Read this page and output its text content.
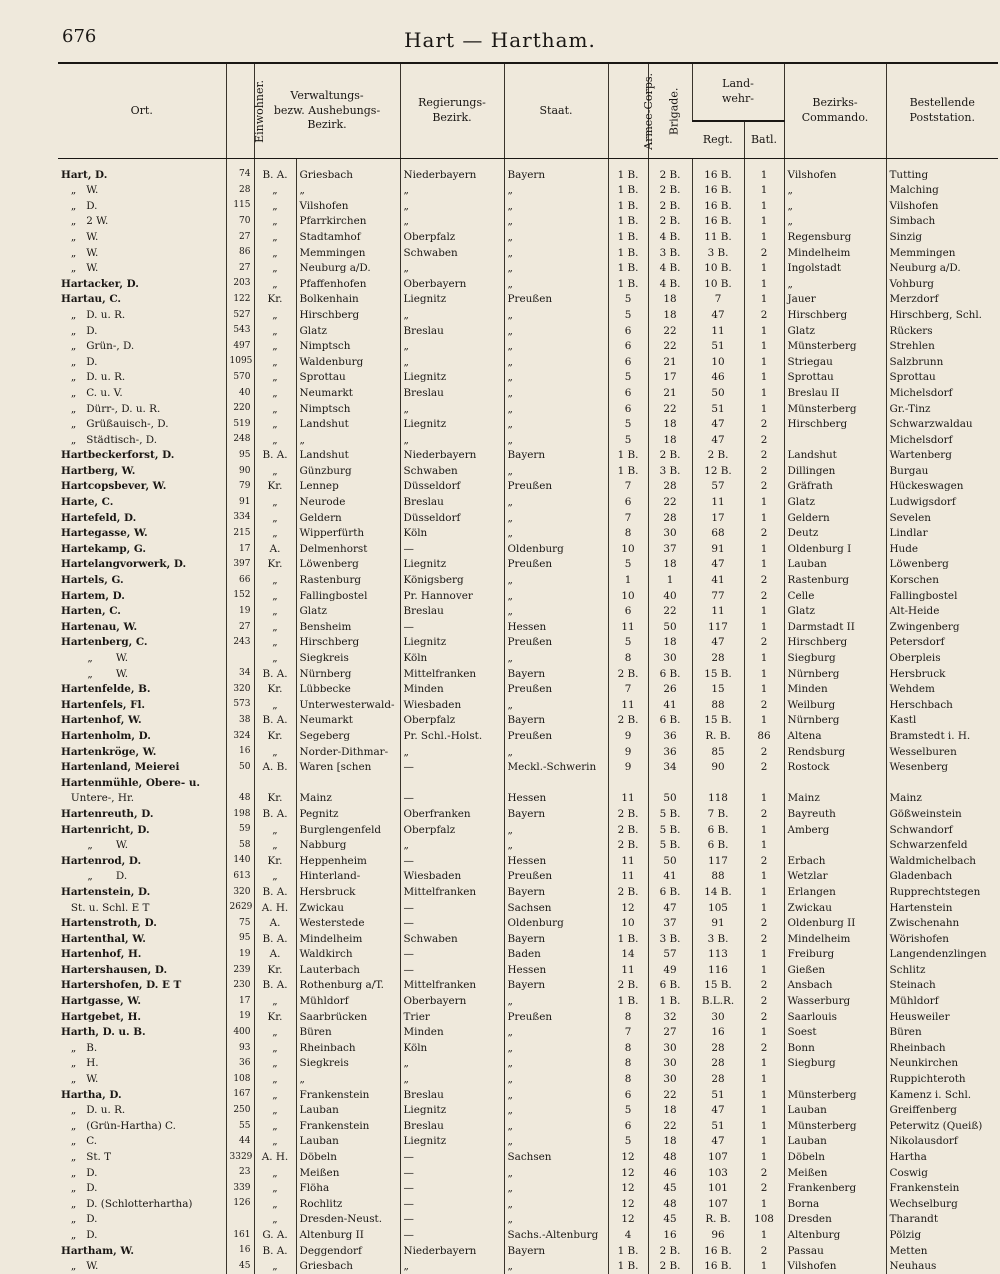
676	Hart — Hartham.
Ort.	Einwohner.	Verwaltungs-
bezw. Aushebungs-
Bezirk.		Regierungs-
Bezirk.	Staat.	Armee-Corps.	Brigade.	Land-
wehr-		Bezirks-
Commando.	Bestellende
Poststation.
								Regt.	Batl.		
Hart, D.	74	B. A.	Griesbach	Niederbayern	Bayern	1 B.	2 B.	16 B.	1	Vilshofen	Tutting
„   W.	28	„	„	„	„	1 B.	2 B.	16 B.	1	„	Malching
„   D.	115	„	Vilshofen	„	„	1 B.	2 B.	16 B.	1	„	Vilshofen
„   2 W.	70	„	Pfarrkirchen	„	„	1 B.	2 B.	16 B.	1	„	Simbach
„   W.	27	„	Stadtamhof	Oberpfalz	„	1 B.	4 B.	11 B.	1	Regensburg	Sinzig
„   W.	86	„	Memmingen	Schwaben	„	1 B.	3 B.	3 B.	2	Mindelheim	Memmingen
„   W.	27	„	Neuburg a/D.	„	„	1 B.	4 B.	10 B.	1	Ingolstadt	Neuburg a/D.
Hartacker, D.	203	„	Pfaffenhofen	Oberbayern	„	1 B.	4 B.	10 B.	1	„	Vohburg
Hartau, C.	122	Kr.	Bolkenhain	Liegnitz	Preußen	5	18	7	1	Jauer	Merzdorf
„   D. u. R.	527	„	Hirschberg	„	„	5	18	47	2	Hirschberg	Hirschberg, Schl.
„   D.	543	„	Glatz	Breslau	„	6	22	11	1	Glatz	Rückers
„   Grün-, D.	497	„	Nimptsch	„	„	6	22	51	1	Münsterberg	Strehlen
„   D.	1095	„	Waldenburg	„	„	6	21	10	1	Striegau	Salzbrunn
„   D. u. R.	570	„	Sprottau	Liegnitz	„	5	17	46	1	Sprottau	Sprottau
„   C. u. V.	40	„	Neumarkt	Breslau	„	6	21	50	1	Breslau II	Michelsdorf
„   Dürr-, D. u. R.	220	„	Nimptsch	„	„	6	22	51	1	Münsterberg	Gr.-Tinz
„   Grüßauisch-, D.	519	„	Landshut	Liegnitz	„	5	18	47	2	Hirschberg	Schwarzwaldau
„   Städtisch-, D.	248	„	„	„	„	5	18	47	2		Michelsdorf
Hartbeckerforst, D.	95	B. A.	Landshut	Niederbayern	Bayern	1 B.	2 B.	2 B.	2	Landshut	Wartenberg
Hartberg, W.	90	„	Günzburg	Schwaben	„	1 B.	3 B.	12 B.	2	Dillingen	Burgau
Hartcopsbever, W.	79	Kr.	Lennep	Düsseldorf	Preußen	7	28	57	2	Gräfrath	Hückeswagen
Harte, C.	91	„	Neurode	Breslau	„	6	22	11	1	Glatz	Ludwigsdorf
Hartefeld, D.	334	„	Geldern	Düsseldorf	„	7	28	17	1	Geldern	Sevelen
Hartegasse, W.	215	„	Wipperfürth	Köln	„	8	30	68	2	Deutz	Lindlar
Hartekamp, G.	17	A.	Delmenhorst	—	Oldenburg	10	37	91	1	Oldenburg I	Hude
Hartelangvorwerk, D.	397	Kr.	Löwenberg	Liegnitz	Preußen	5	18	47	1	Lauban	Löwenberg
Hartels, G.	66	„	Rastenburg	Königsberg	„	1	1	41	2	Rastenburg	Korschen
Hartem, D.	152	„	Fallingbostel	Pr. Hannover	„	10	40	77	2	Celle	Fallingbostel
Harten, C.	19	„	Glatz	Breslau	„	6	22	11	1	Glatz	Alt-Heide
Hartenau, W.	27	„	Bensheim	—	Hessen	11	50	117	1	Darmstadt II	Zwingenberg
Hartenberg, C.	243	„	Hirschberg	Liegnitz	Preußen	5	18	47	2	Hirschberg	Petersdorf
„       W.		„	Siegkreis	Köln	„	8	30	28	1	Siegburg	Oberpleis
„       W.	34	B. A.	Nürnberg	Mittelfranken	Bayern	2 B.	6 B.	15 B.	1	Nürnberg	Hersbruck
Hartenfelde, B.	320	Kr.	Lübbecke	Minden	Preußen	7	26	15	1	Minden	Wehdem
Hartenfels, Fl.	573	„	Unterwesterwald-	Wiesbaden	„	11	41	88	2	Weilburg	Herschbach
Hartenhof, W.	38	B. A.	Neumarkt	Oberpfalz	Bayern	2 B.	6 B.	15 B.	1	Nürnberg	Kastl
Hartenholm, D.	324	Kr.	Segeberg	Pr. Schl.-Holst.	Preußen	9	36	R. B.	86	Altena	Bramstedt i. H.
Hartenkröge, W.	16	„	Norder-Dithmar-	„	„	9	36	85	2	Rendsburg	Wesselburen
Hartenland, Meierei	50	A. B.	Waren [schen	—	Meckl.-Schwerin	9	34	90	2	Rostock	Wesenberg
Hartenmühle, Obere- u.											
Untere-, Hr.	48	Kr.	Mainz	—	Hessen	11	50	118	1	Mainz	Mainz
Hartenreuth, D.	198	B. A.	Pegnitz	Oberfranken	Bayern	2 B.	5 B.	7 B.	2	Bayreuth	Gößweinstein
Hartenricht, D.	59	„	Burglengenfeld	Oberpfalz	„	2 B.	5 B.	6 B.	1	Amberg	Schwandorf
„       W.	58	„	Nabburg	„	„	2 B.	5 B.	6 B.	1		Schwarzenfeld
Hartenrod, D.	140	Kr.	Heppenheim	—	Hessen	11	50	117	2	Erbach	Waldmichelbach
„       D.	613	„	Hinterland-	Wiesbaden	Preußen	11	41	88	1	Wetzlar	Gladenbach
Hartenstein, D.	320	B. A.	Hersbruck	Mittelfranken	Bayern	2 B.	6 B.	14 B.	1	Erlangen	Rupprechtstegen
St. u. Schl. E T	2629	A. H.	Zwickau	—	Sachsen	12	47	105	1	Zwickau	Hartenstein
Hartenstroth, D.	75	A.	Westerstede	—	Oldenburg	10	37	91	2	Oldenburg II	Zwischenahn
Hartenthal, W.	95	B. A.	Mindelheim	Schwaben	Bayern	1 B.	3 B.	3 B.	2	Mindelheim	Wörishofen
Hartenhof, H.	19	A.	Waldkirch	—	Baden	14	57	113	1	Freiburg	Langendenzlingen
Hartershausen, D.	239	Kr.	Lauterbach	—	Hessen	11	49	116	1	Gießen	Schlitz
Hartershofen, D. E T	230	B. A.	Rothenburg a/T.	Mittelfranken	Bayern	2 B.	6 B.	15 B.	2	Ansbach	Steinach
Hartgasse, W.	17	„	Mühldorf	Oberbayern	„	1 B.	1 B.	B.L.R.	2	Wasserburg	Mühldorf
Hartgebet, H.	19	Kr.	Saarbrücken	Trier	Preußen	8	32	30	2	Saarlouis	Heusweiler
Harth, D. u. B.	400	„	Büren	Minden	„	7	27	16	1	Soest	Büren
„   B.	93	„	Rheinbach	Köln	„	8	30	28	2	Bonn	Rheinbach
„   H.	36	„	Siegkreis	„	„	8	30	28	1	Siegburg	Neunkirchen
„   W.	108	„	„	„	„	8	30	28	1		Ruppichteroth
Hartha, D.	167	„	Frankenstein	Breslau	„	6	22	51	1	Münsterberg	Kamenz i. Schl.
„   D. u. R.	250	„	Lauban	Liegnitz	„	5	18	47	1	Lauban	Greiffenberg
„   (Grün-Hartha) C.	55	„	Frankenstein	Breslau	„	6	22	51	1	Münsterberg	Peterwitz (Queiß)
„   C.	44	„	Lauban	Liegnitz	„	5	18	47	1	Lauban	Nikolausdorf
„   St. T	3329	A. H.	Döbeln	—	Sachsen	12	48	107	1	Döbeln	Hartha
„   D.	23	„	Meißen	—	„	12	46	103	2	Meißen	Coswig
„   D.	339	„	Flöha	—	„	12	45	101	2	Frankenberg	Frankenstein
„   D. (Schlotterhartha)	126	„	Rochlitz	—	„	12	48	107	1	Borna	Wechselburg
„   D.		„	Dresden-Neust.	—	„	12	45	R. B.	108	Dresden	Tharandt
„   D.	161	G. A.	Altenburg II	—	Sachs.-Altenburg	4	16	96	1	Altenburg	Pölzig
Hartham, W.	16	B. A.	Deggendorf	Niederbayern	Bayern	1 B.	2 B.	16 B.	2	Passau	Metten
„   W.	45	„	Griesbach	„	„	1 B.	2 B.	16 B.	1	Vilshofen	Neuhaus
